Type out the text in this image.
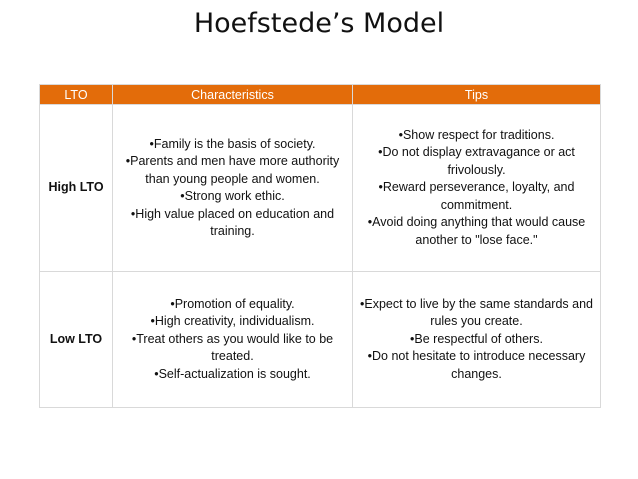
Hoefstede’s Model
LTO	Characteristics	Tips
High LTO	•Family is the basis of society.
•Parents and men have more authority than young people and women.
•Strong work ethic.
•High value placed on education and training.	•Show respect for traditions.
•Do not display extravagance or act frivolously.
•Reward perseverance, loyalty, and commitment.
•Avoid doing anything that would cause another to "lose face."

Low LTO	•Promotion of equality.
•High creativity, individualism.
•Treat others as you would like to be treated.
•Self-actualization is sought.	•Expect to live by the same standards and rules you create.
•Be respectful of others.
•Do not hesitate to introduce necessary changes.
